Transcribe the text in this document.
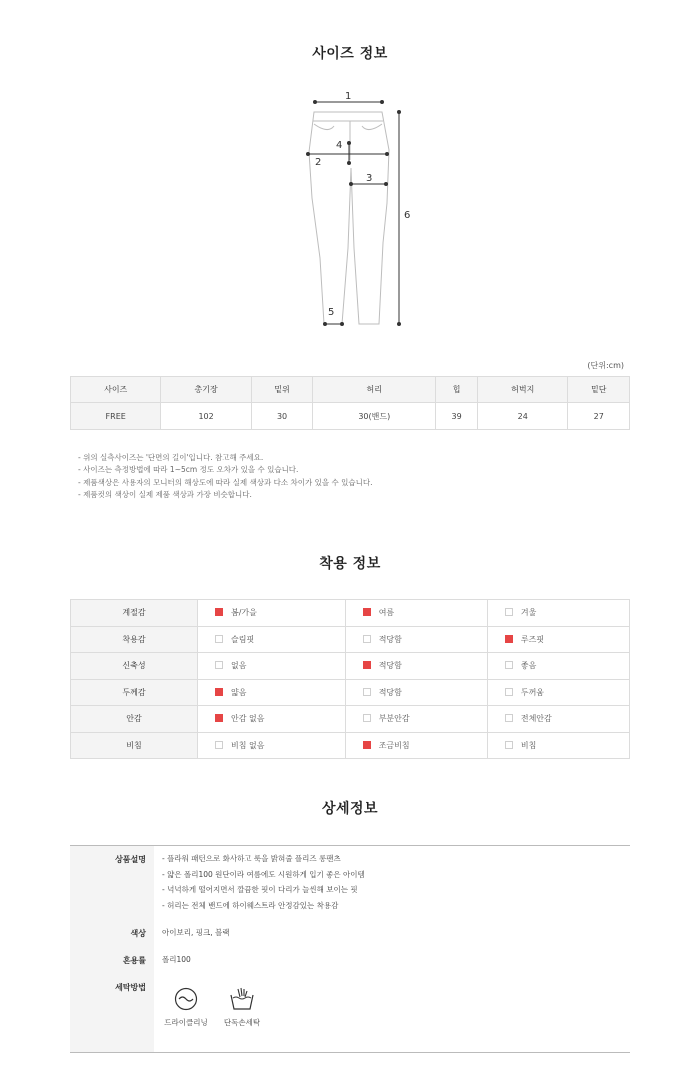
사이즈 정보
1
2
3
4
5
6
(단위:cm)
사이즈	총기장	밑위	허리	힙	허벅지	밑단
FREE	102	30	30(밴드)	39	24	27
- 위의 실측사이즈는 '단면의 길이'입니다. 참고해 주세요.
- 사이즈는 측정방법에 따라 1~5cm 정도 오차가 있을 수 있습니다.
- 제품색상은 사용자의 모니터의 해상도에 따라 실제 색상과 다소 차이가 있을 수 있습니다.
- 제품컷의 색상이 실제 제품 색상과 가장 비슷합니다.
착용 정보
계절감	봄/가을	여름	겨울
착용감	슬림핏	적당함	루즈핏
신축성	없음	적당함	좋음
두께감	얇음	적당함	두꺼움
안감	안감 없음	부분안감	전체안감
비침	비침 없음	조금비침	비침
상세정보
상품설명 - 플라워 패턴으로 화사하고 룩을 밝혀줄 플리즈 롱팬츠
- 얇은 폴리100 원단이라 여름에도 시원하게 입기 좋은 아이템
- 넉넉하게 떨어지면서 깔끔한 핏이 다리가 늘씬해 보이는 핏
- 허리는 전체 밴드에 하이웨스트라 안정감있는 착용감
색상 아이보리, 핑크, 블랙
혼용률 폴리100
세탁방법
드라이클리닝	단독손세탁
